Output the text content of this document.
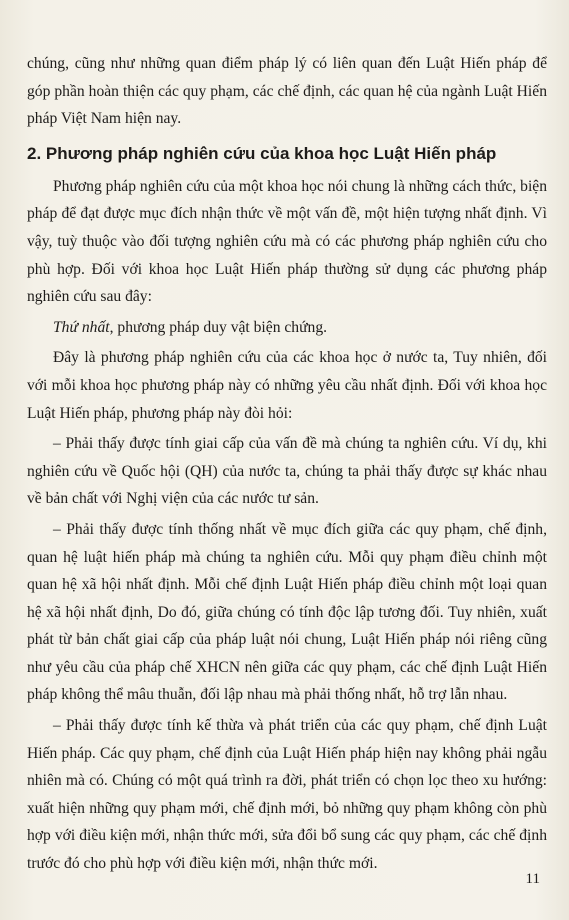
chúng, cũng như những quan điểm pháp lý có liên quan đến Luật Hiến pháp để góp phần hoàn thiện các quy phạm, các chế định, các quan hệ của ngành Luật Hiến pháp Việt Nam hiện nay.

2. Phương pháp nghiên cứu của khoa học Luật Hiến pháp

Phương pháp nghiên cứu của một khoa học nói chung là những cách thức, biện pháp để đạt được mục đích nhận thức về một vấn đề, một hiện tượng nhất định. Vì vậy, tuỳ thuộc vào đối tượng nghiên cứu mà có các phương pháp nghiên cứu cho phù hợp. Đối với khoa học Luật Hiến pháp thường sử dụng các phương pháp nghiên cứu sau đây:

Thứ nhất, phương pháp duy vật biện chứng.

Đây là phương pháp nghiên cứu của các khoa học ở nước ta, Tuy nhiên, đối với mỗi khoa học phương pháp này có những yêu cầu nhất định. Đối với khoa học Luật Hiến pháp, phương pháp này đòi hỏi:

– Phải thấy được tính giai cấp của vấn đề mà chúng ta nghiên cứu. Ví dụ, khi nghiên cứu về Quốc hội (QH) của nước ta, chúng ta phải thấy được sự khác nhau về bản chất với Nghị viện của các nước tư sản.

– Phải thấy được tính thống nhất về mục đích giữa các quy phạm, chế định, quan hệ luật hiến pháp mà chúng ta nghiên cứu. Mỗi quy phạm điều chỉnh một quan hệ xã hội nhất định. Mỗi chế định Luật Hiến pháp điều chỉnh một loại quan hệ xã hội nhất định, Do đó, giữa chúng có tính độc lập tương đối. Tuy nhiên, xuất phát từ bản chất giai cấp của pháp luật nói chung, Luật Hiến pháp nói riêng cũng như yêu cầu của pháp chế XHCN nên giữa các quy phạm, các chế định Luật Hiến pháp không thể mâu thuẫn, đối lập nhau mà phải thống nhất, hỗ trợ lẫn nhau.

– Phải thấy được tính kế thừa và phát triển của các quy phạm, chế định Luật Hiến pháp. Các quy phạm, chế định của Luật Hiến pháp hiện nay không phải ngẫu nhiên mà có. Chúng có một quá trình ra đời, phát triển có chọn lọc theo xu hướng: xuất hiện những quy phạm mới, chế định mới, bỏ những quy phạm không còn phù hợp với điều kiện mới, nhận thức mới, sửa đổi bổ sung các quy phạm, các chế định trước đó cho phù hợp với điều kiện mới, nhận thức mới.

11
